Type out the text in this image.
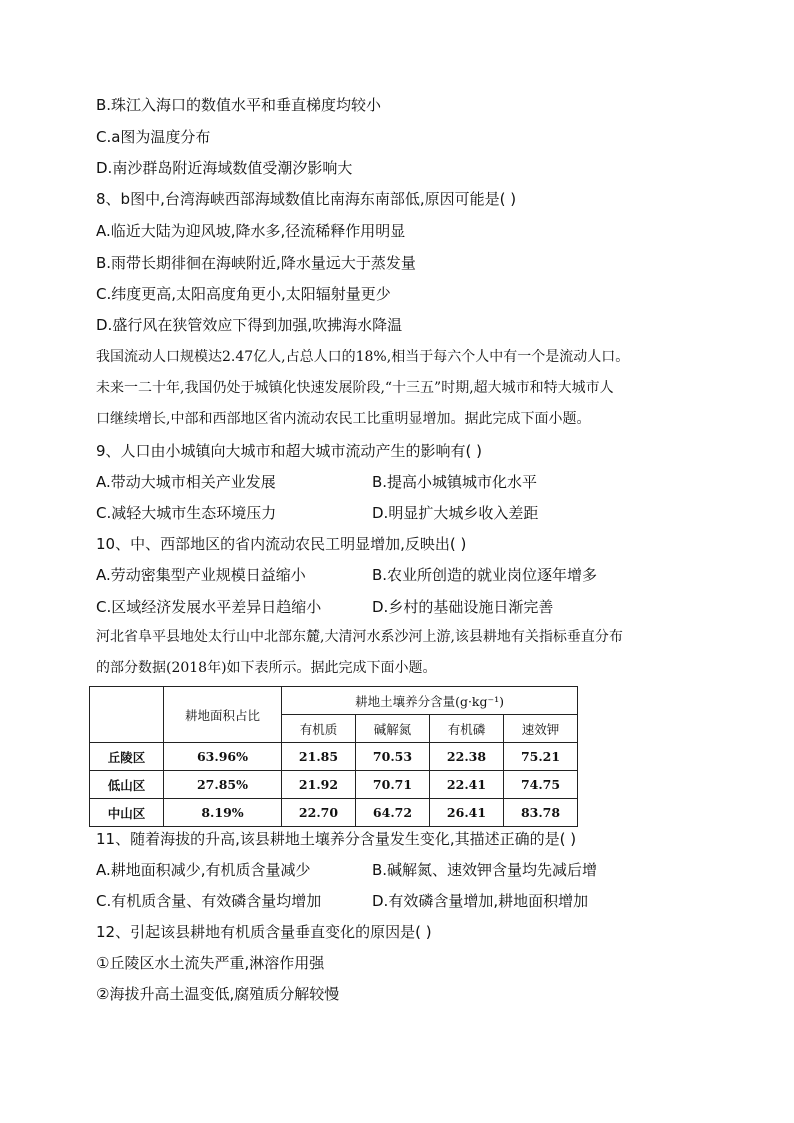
B.珠江入海口的数值水平和垂直梯度均较小
C.a图为温度分布
D.南沙群岛附近海域数值受潮汐影响大
8、b图中,台湾海峡西部海域数值比南海东南部低,原因可能是( )
A.临近大陆为迎风坡,降水多,径流稀释作用明显
B.雨带长期徘徊在海峡附近,降水量远大于蒸发量
C.纬度更高,太阳高度角更小,太阳辐射量更少
D.盛行风在狭管效应下得到加强,吹拂海水降温
我国流动人口规模达2.47亿人,占总人口的18%,相当于每六个人中有一个是流动人口。
未来一二十年,我国仍处于城镇化快速发展阶段,“十三五”时期,超大城市和特大城市人
口继续增长,中部和西部地区省内流动农民工比重明显增加。据此完成下面小题。
9、人口由小城镇向大城市和超大城市流动产生的影响有( )
A.带动大城市相关产业发展	B.提高小城镇城市化水平
C.减轻大城市生态环境压力	D.明显扩大城乡收入差距
10、中、西部地区的省内流动农民工明显增加,反映出( )
A.劳动密集型产业规模日益缩小	B.农业所创造的就业岗位逐年增多
C.区域经济发展水平差异日趋缩小	D.乡村的基础设施日渐完善
河北省阜平县地处太行山中北部东麓,大清河水系沙河上游,该县耕地有关指标垂直分布
的部分数据(2018年)如下表所示。据此完成下面小题。
	耕地面积占比	耕地土壤养分含量(g·kg⁻¹)			
		有机质	碱解氮	有机磷	速效钾
丘陵区	63.96%	21.85	70.53	22.38	75.21
低山区	27.85%	21.92	70.71	22.41	74.75
中山区	8.19%	22.70	64.72	26.41	83.78
11、随着海拔的升高,该县耕地土壤养分含量发生变化,其描述正确的是( )
A.耕地面积减少,有机质含量减少	B.碱解氮、速效钾含量均先减后增
C.有机质含量、有效磷含量均增加	D.有效磷含量增加,耕地面积增加
12、引起该县耕地有机质含量垂直变化的原因是( )
①丘陵区水土流失严重,淋溶作用强
②海拔升高土温变低,腐殖质分解较慢
